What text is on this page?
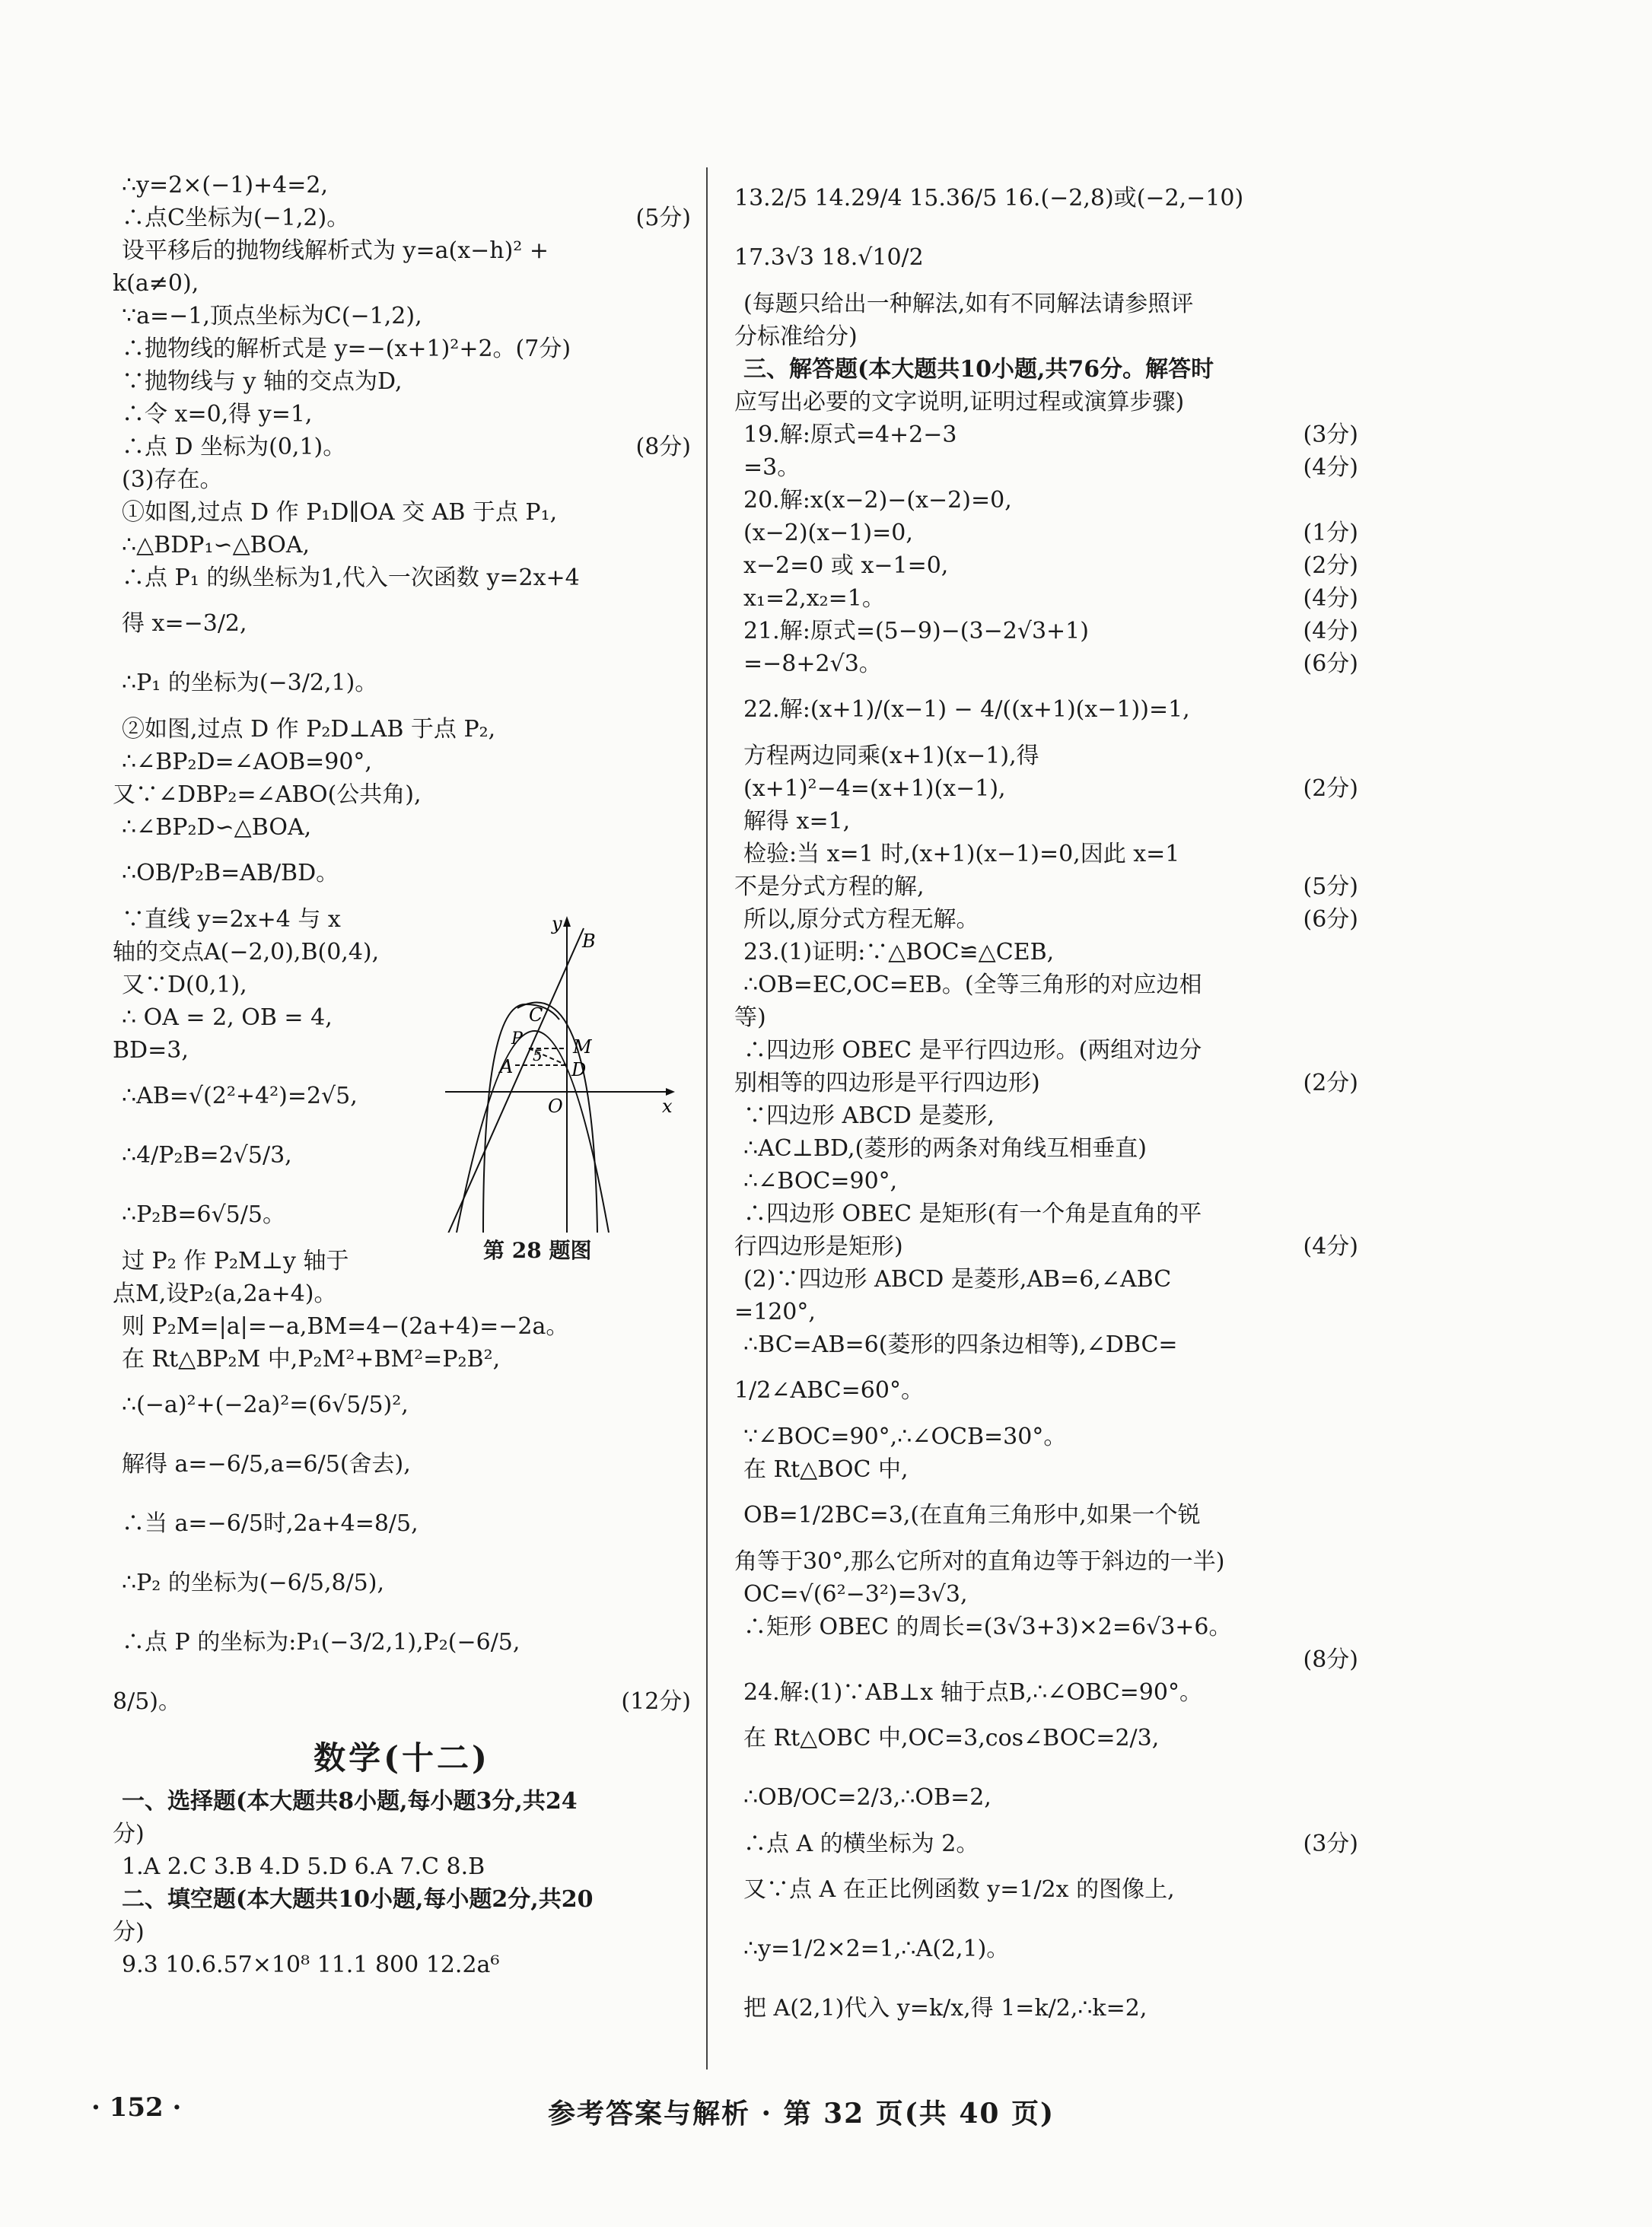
∴y=2×(−1)+4=2,
∴点C坐标为(−1,2)。	(5分)
设平移后的抛物线解析式为 y=a(x−h)² +
k(a≠0),
∵a=−1,顶点坐标为C(−1,2),
∴抛物线的解析式是 y=−(x+1)²+2。(7分)
∵抛物线与 y 轴的交点为D,
∴令 x=0,得 y=1,
∴点 D 坐标为(0,1)。	(8分)
(3)存在。
①如图,过点 D 作 P₁D∥OA 交 AB 于点 P₁,
∴△BDP₁∽△BOA,
∴点 P₁ 的纵坐标为1,代入一次函数 y=2x+4
得 x=−3/2,
∴P₁ 的坐标为(−3/2,1)。
②如图,过点 D 作 P₂D⊥AB 于点 P₂,
∴∠BP₂D=∠AOB=90°,
又∵∠DBP₂=∠ABO(公共角),
∴∠BP₂D∽△BOA,
∴OB/P₂B=AB/BD。
∵直线 y=2x+4 与 x
轴的交点A(−2,0),B(0,4),
又∵D(0,1),
∴ OA = 2, OB = 4,
BD=3,
∴AB=√(2²+4²)=2√5,
∴4/P₂B=2√5/3,
∴P₂B=6√5/5。
过 P₂ 作 P₂M⊥y 轴于
点M,设P₂(a,2a+4)。
则 P₂M=|a|=−a,BM=4−(2a+4)=−2a。
在 Rt△BP₂M 中,P₂M²+BM²=P₂B²,
∴(−a)²+(−2a)²=(6√5/5)²,
解得 a=−6/5,a=6/5(舍去),
∴当 a=−6/5时,2a+4=8/5,
∴P₂ 的坐标为(−6/5,8/5),
∴点 P 的坐标为:P₁(−3/2,1),P₂(−6/5,
8/5)。	(12分)
数学(十二)
一、选择题(本大题共8小题,每小题3分,共24
分)
1.A 2.C 3.B 4.D 5.D 6.A 7.C 8.B
二、填空题(本大题共10小题,每小题2分,共20
分)
9.3 10.6.57×10⁸ 11.1 800 12.2a⁶
13.2/5 14.29/4 15.36/5 16.(−2,8)或(−2,−10)
17.3√3 18.√10/2
(每题只给出一种解法,如有不同解法请参照评
分标准给分)
三、解答题(本大题共10小题,共76分。解答时
应写出必要的文字说明,证明过程或演算步骤)
19.解:原式=4+2−3	(3分)
=3。	(4分)
20.解:x(x−2)−(x−2)=0,
(x−2)(x−1)=0,	(1分)
x−2=0 或 x−1=0,	(2分)
x₁=2,x₂=1。	(4分)
21.解:原式=(5−9)−(3−2√3+1)	(4分)
=−8+2√3。	(6分)
22.解:(x+1)/(x−1) − 4/((x+1)(x−1))=1,
方程两边同乘(x+1)(x−1),得
(x+1)²−4=(x+1)(x−1),	(2分)
解得 x=1,
检验:当 x=1 时,(x+1)(x−1)=0,因此 x=1
不是分式方程的解,	(5分)
所以,原分式方程无解。	(6分)
23.(1)证明:∵△BOC≌△CEB,
∴OB=EC,OC=EB。(全等三角形的对应边相
等)
∴四边形 OBEC 是平行四边形。(两组对边分
别相等的四边形是平行四边形)	(2分)
∵四边形 ABCD 是菱形,
∴AC⊥BD,(菱形的两条对角线互相垂直)
∴∠BOC=90°,
∴四边形 OBEC 是矩形(有一个角是直角的平
行四边形是矩形)	(4分)
(2)∵四边形 ABCD 是菱形,AB=6,∠ABC
=120°,
∴BC=AB=6(菱形的四条边相等),∠DBC=
1/2∠ABC=60°。
∵∠BOC=90°,∴∠OCB=30°。
在 Rt△BOC 中,
OB=1/2BC=3,(在直角三角形中,如果一个锐
角等于30°,那么它所对的直角边等于斜边的一半)
OC=√(6²−3²)=3√3,
∴矩形 OBEC 的周长=(3√3+3)×2=6√3+6。
(8分)
24.解:(1)∵AB⊥x 轴于点B,∴∠OBC=90°。
在 Rt△OBC 中,OC=3,cos∠BOC=2/3,
∴OB/OC=2/3,∴OB=2,
∴点 A 的横坐标为 2。	(3分)
又∵点 A 在正比例函数 y=1/2x 的图像上,
∴y=1/2×2=1,∴A(2,1)。
把 A(2,1)代入 y=k/x,得 1=k/2,∴k=2,
y
B
C
P
5 M
A	D
O	x
第 28 题图
· 152 ·	参考答案与解析 · 第 32 页(共 40 页)
